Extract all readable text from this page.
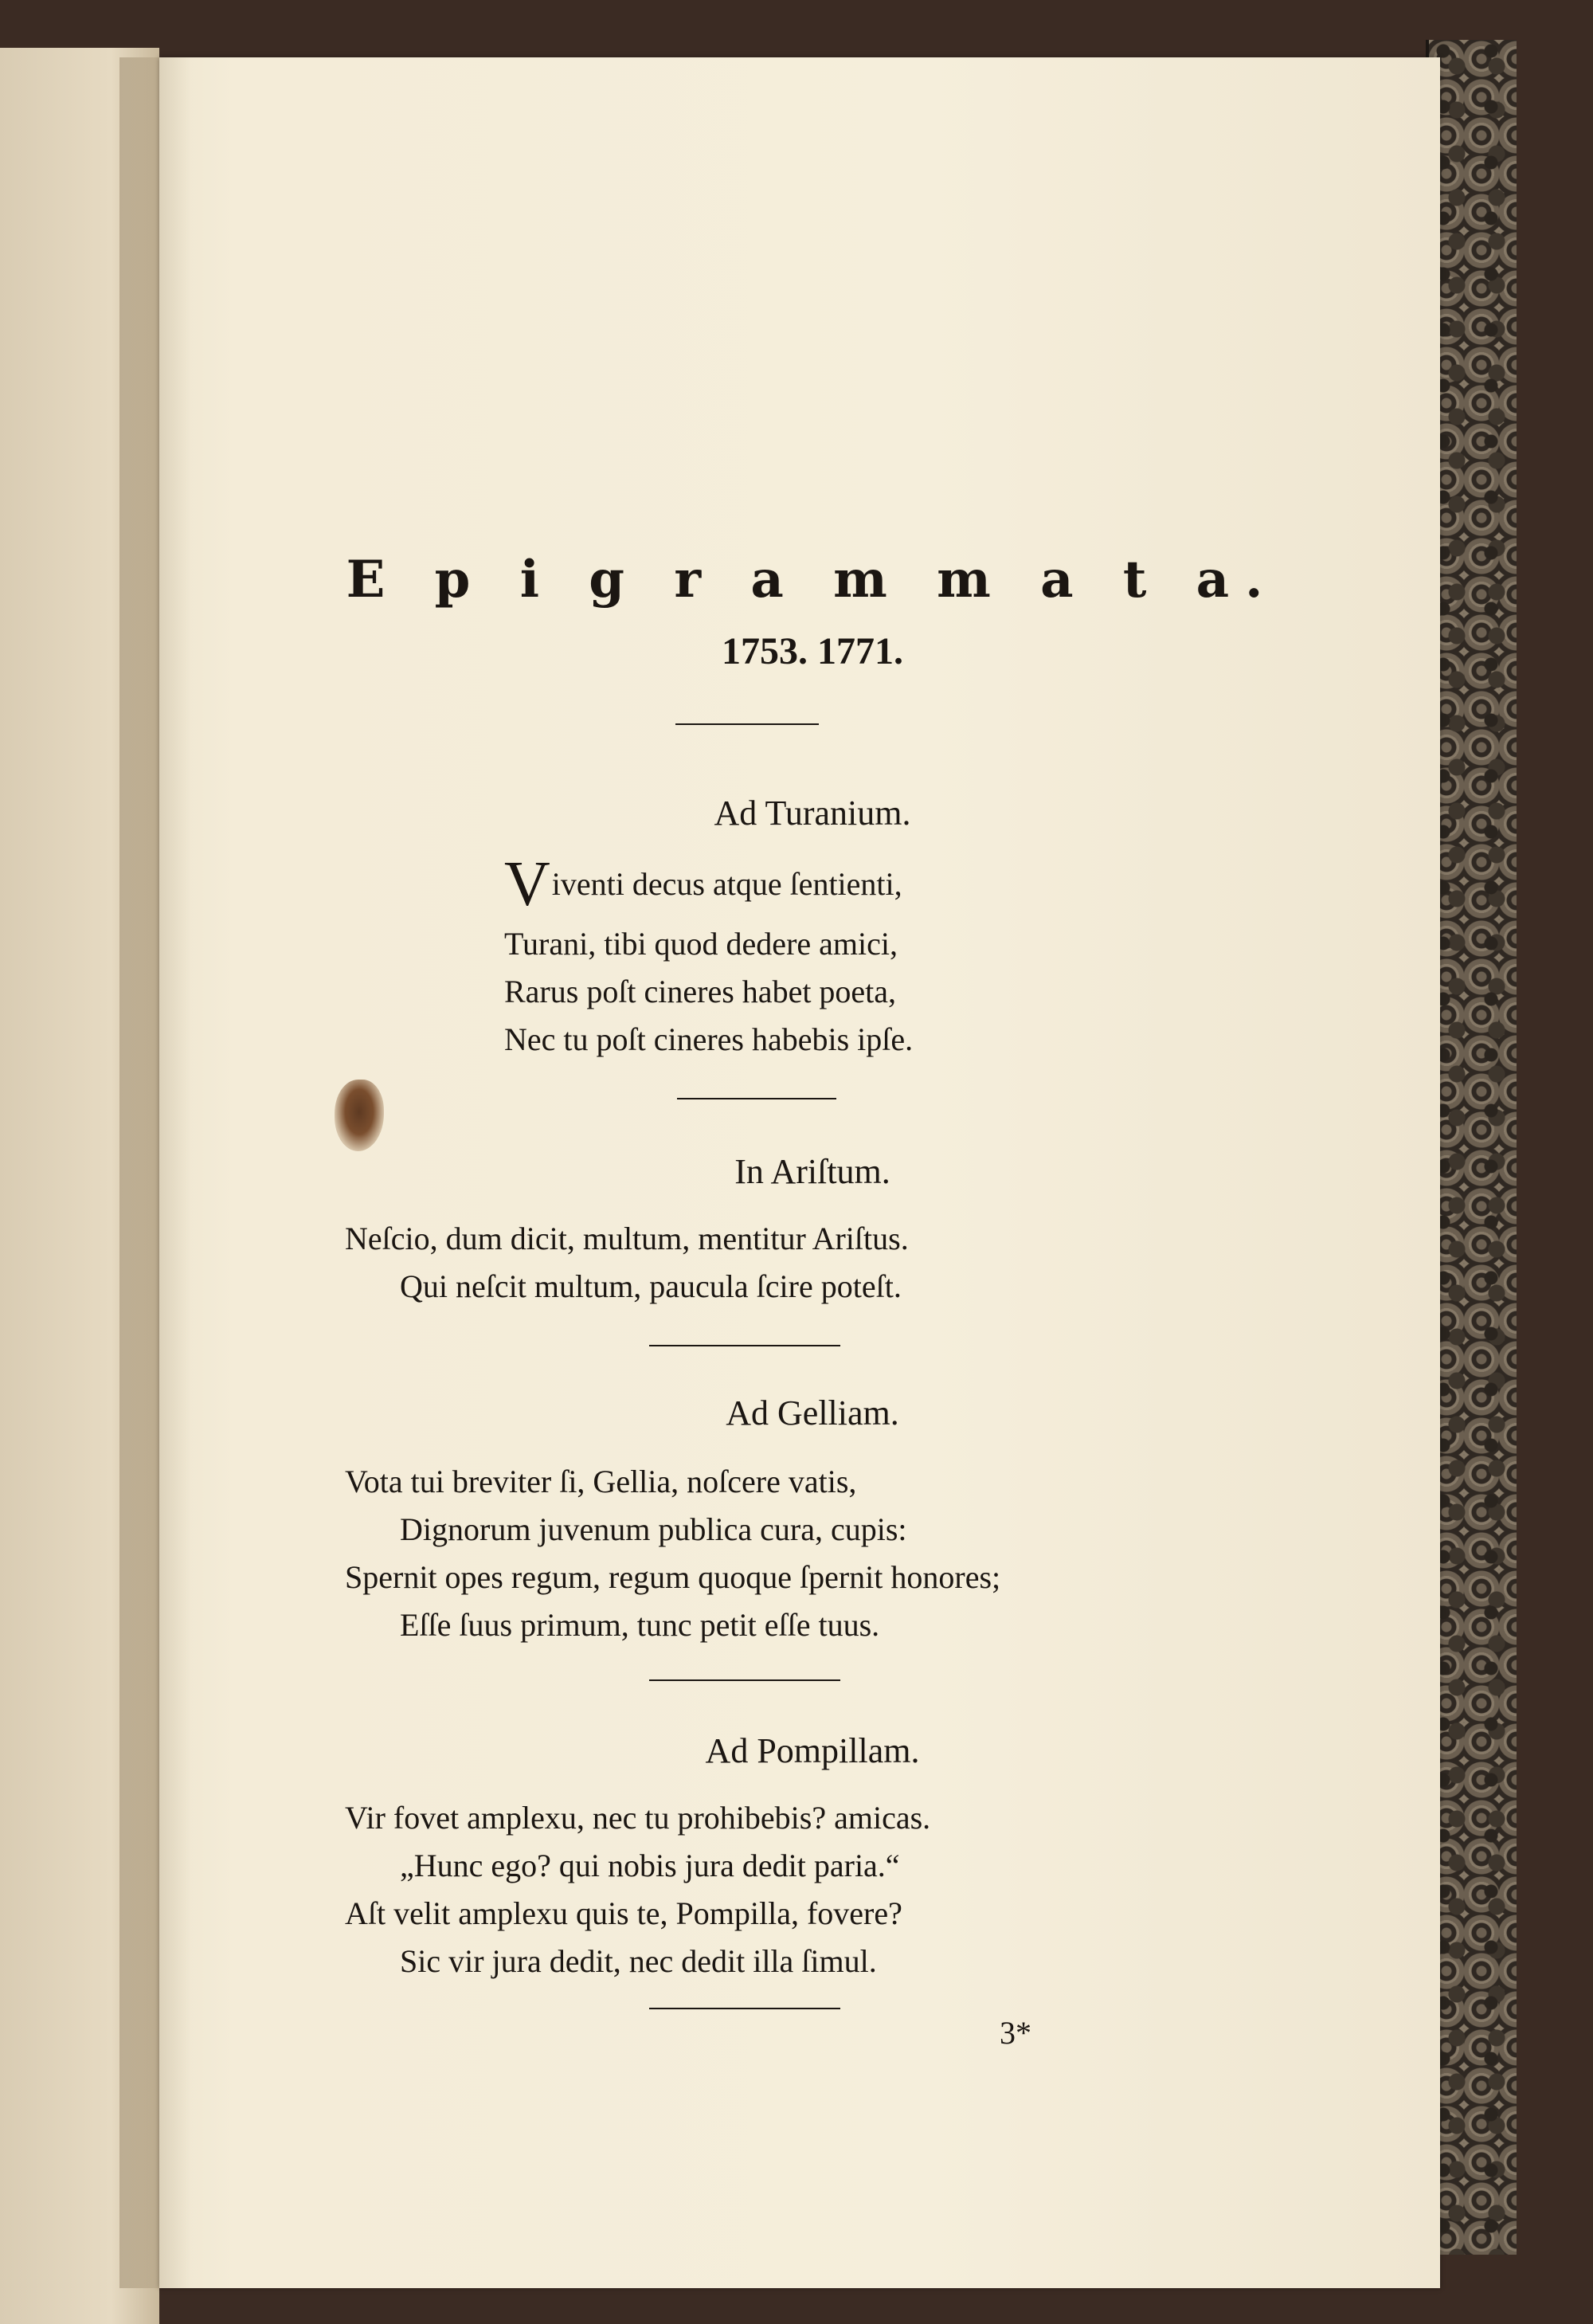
E p i g r a m m a t a.
1753. 1771.
Ad Turanium.
Viventi decus atque ſentienti,
Turani, tibi quod dedere amici,
Rarus poſt cineres habet poeta,
Nec tu poſt cineres habebis ipſe.
In Ariſtum.
Neſcio, dum dicit, multum, mentitur Ariſtus.
Qui neſcit multum, paucula ſcire poteſt.
Ad Gelliam.
Vota tui breviter ſi, Gellia, noſcere vatis,
Dignorum juvenum publica cura, cupis:
Spernit opes regum, regum quoque ſpernit honores;
Eſſe ſuus primum, tunc petit eſſe tuus.
Ad Pompillam.
Vir fovet amplexu, nec tu prohibebis? amicas.
„Hunc ego? qui nobis jura dedit paria.“
Aſt velit amplexu quis te, Pompilla, fovere?
Sic vir jura dedit, nec dedit illa ſimul.
3*
